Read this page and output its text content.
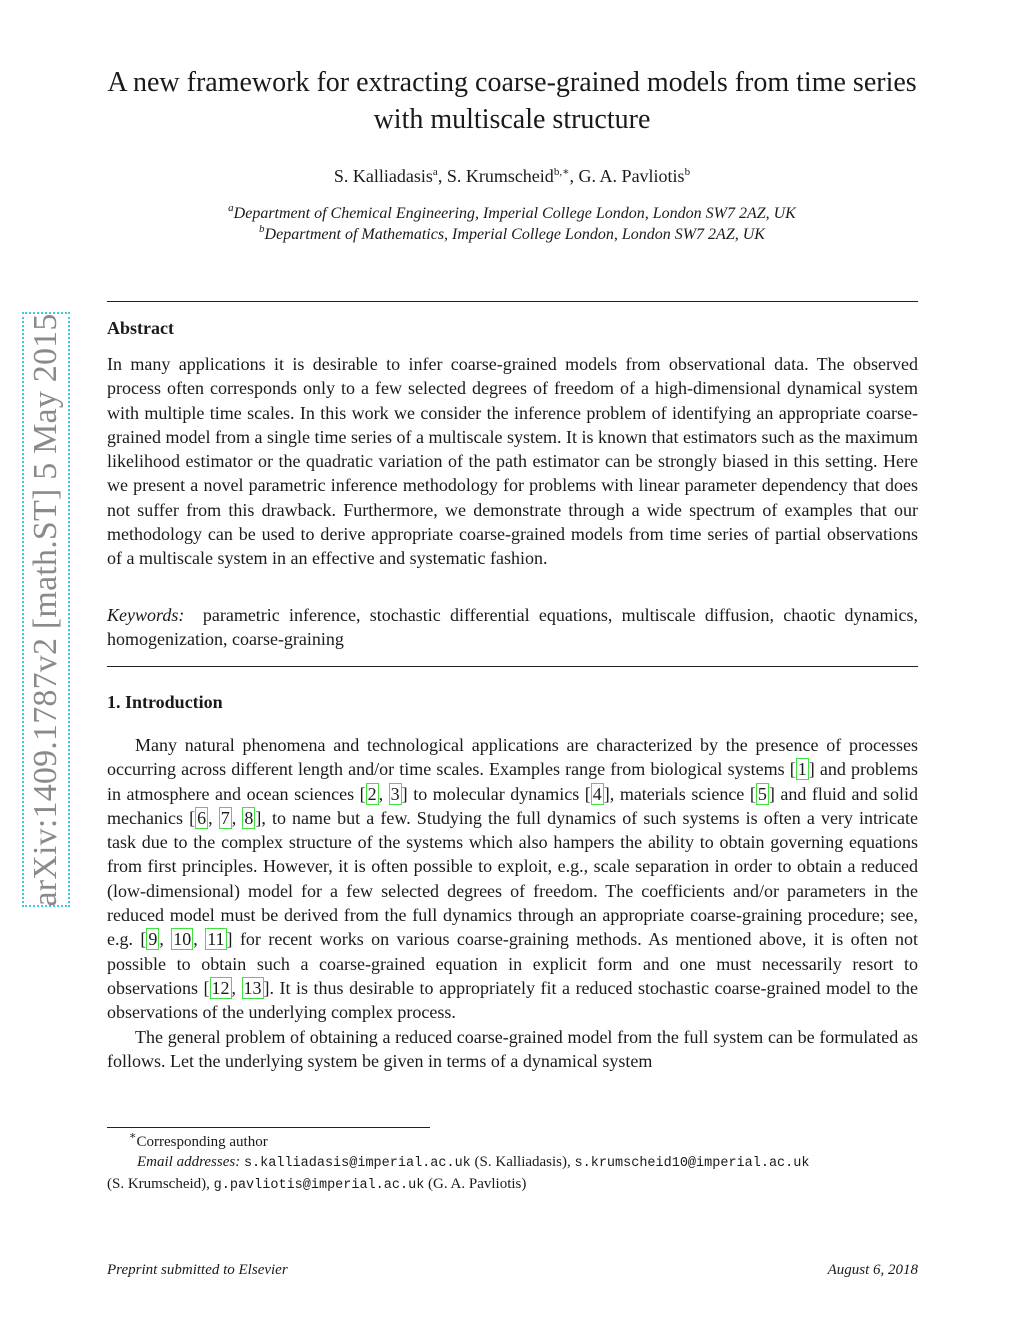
arXiv:1409.1787v2 [math.ST] 5 May 2015
A new framework for extracting coarse-grained models from time series with multiscale structure
S. Kalliadasis$^a$, S. Krumscheid$^{b,∗}$, G. A. Pavliotis$^b$
$^a$Department of Chemical Engineering, Imperial College London, London SW7 2AZ, UK
$^b$Department of Mathematics, Imperial College London, London SW7 2AZ, UK
Abstract
In many applications it is desirable to infer coarse-grained models from observational data. The observed process often corresponds only to a few selected degrees of freedom of a high-dimensional dynamical system with multiple time scales. In this work we consider the inference problem of identifying an appropriate coarse-grained model from a single time series of a multiscale system. It is known that estimators such as the maximum likelihood estimator or the quadratic variation of the path estimator can be strongly biased in this setting. Here we present a novel parametric inference methodology for problems with linear parameter dependency that does not suffer from this drawback. Furthermore, we demonstrate through a wide spectrum of examples that our methodology can be used to derive appropriate coarse-grained models from time series of partial observations of a multiscale system in an effective and systematic fashion.
Keywords: parametric inference, stochastic differential equations, multiscale diffusion, chaotic dynamics, homogenization, coarse-graining
1. Introduction

Many natural phenomena and technological applications are characterized by the presence of processes occurring across different length and/or time scales. Examples range from biological systems [ 1 ] and problems in atmosphere and ocean sciences [ 2 , 3 ] to molecular dynamics [ 4 ], materials science [ 5 ] and fluid and solid mechanics [ 6 , 7 , 8 ], to name but a few. Studying the full dynamics of such systems is often a very intricate task due to the complex structure of the systems which also hampers the ability to obtain governing equations from first principles. However, it is often possible to exploit, e.g., scale separation in order to obtain a reduced (low-dimensional) model for a few selected degrees of freedom. The coefficients and/or parameters in the reduced model must be derived from the full dynamics through an appropriate coarse-graining procedure; see, e.g. [ 9 , 10 , 11 ] for recent works on various coarse-graining methods. As mentioned above, it is often not possible to obtain such a coarse-grained equation in explicit form and one must necessarily resort to observations [ 12 , 13 ]. It is thus desirable to appropriately fit a reduced stochastic coarse-grained model to the observations of the underlying complex process.

The general problem of obtaining a reduced coarse-grained model from the full system can be formulated as follows. Let the underlying system be given in terms of a dynamical system

∗Corresponding author
Email addresses: s.kalliadasis@imperial.ac.uk (S. Kalliadasis), s.krumscheid10@imperial.ac.uk
(S. Krumscheid), g.pavliotis@imperial.ac.uk (G. A. Pavliotis)
Preprint submitted to Elsevier	August 6, 2018
